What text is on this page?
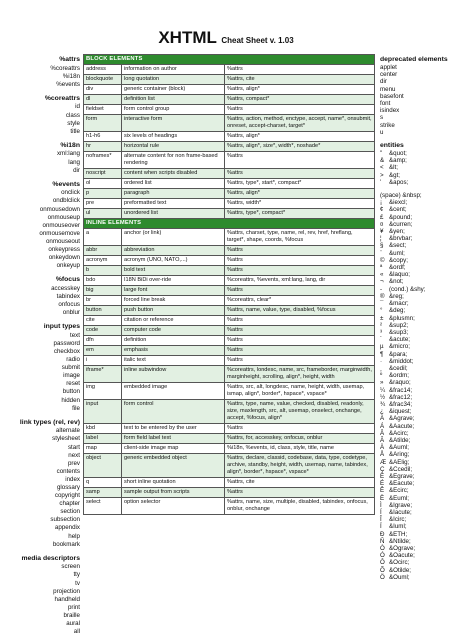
XHTML Cheat Sheet v. 1.03
%attrs
%coreattrs
%i18n
%events
%coreattrs
id
class
style
title
%i18n
xml:lang
lang
dir
%events
onclick
ondblclick
onmousedown
onmouseup
onmouseover
onmousemove
onmouseout
onkeypress
onkeydown
onkeyup
%focus
accesskey
tabindex
onfocus
onblur
input types
text
password
checkbox
radio
submit
image
reset
button
hidden
file
link types (rel, rev)
alternate
stylesheet
start
next
prev
contents
index
glossary
copyright
chapter
section
subsection
appendix
help
bookmark
media descriptors
screen
tty
tv
projection
handheld
print
braille
aural
all
BLOCK ELEMENTS		
address	information on author	%attrs
blockquote	long quotation	%attrs, cite
div	generic container (block)	%attrs, align*
dl	definition list	%attrs, compact*
fieldset	form control group	%attrs
form	interactive form	%attrs, action, method, enctype, accept, name*, onsubmit, onreset, accept-charset, target*
h1-h6	six levels of headings	%attrs, align*
hr	horizontal rule	%attrs, align*, size*, width*, noshade*
noframes*	alternate content for non frame-based rendering	%attrs
noscript	content when scripts disabled	%attrs
ol	ordered list	%attrs, type*, start*, compact*
p	paragraph	%attrs, align*
pre	preformatted text	%attrs, width*
ul	unordered list	%attrs, type*, compact*
INLINE ELEMENTS		
a	anchor (or link)	%attrs, charset, type, name, rel, rev, href, hreflang, target*, shape, coords, %focus
abbr	abbreviation	%attrs
acronym	acronym (UNO, NATO,...)	%attrs
b	bold text	%attrs
bdo	I18N BiDi over-ride	%coreattrs, %events, xml:lang, lang, dir
big	large font	%attrs
br	forced line break	%coreattrs, clear*
button	push button	%attrs, name, value, type, disabled, %focus
cite	citation or reference	%attrs
code	computer code	%attrs
dfn	definition	%attrs
em	emphasis	%attrs
i	italic text	%attrs
iframe*	inline subwindow	%coreattrs, londesc, name, src, frameborder, marginwidth, marginheight, scrolling, align*, height, width
img	embedded image	%attrs, src, alt, longdesc, name, height, width, usemap, ismap, align*, border*, hspace*, vspace*
input	form control	%attrs, type, name, value, checked, disabled, readonly, size, maxlength, src, alt, usemap, onselect, onchange, accept, %focus, align*
kbd	text to be entered by the user	%attrs
label	form field label text	%attrs, for, accesskey, onfocus, onblur
map	client-side image map	%i18n, %events, id, class, style, title, name
object	generic embedded object	%attrs, declare, classid, codebase, data, type, codetype, archive, standby, height, width, usemap, name, tabindex, align*, border*, hspace*, vspace*
q	short inline quotation	%attrs, cite
samp	sample output from scripts	%attrs
select	option selector	%attrs, name, size, multiple, disabled, tabindex, onfocus, onblur, onchange
deprecated elements
applet
center
dir
menu
basefont
font
isindex
s
strike
u
entities
"	&quot;
& &amp;
< &lt;
> &gt;
'	&apos;
(space) &nbsp;
¡	&iexcl;
¢ &cent;
£ &pound;
¤ &curren;
¥ &yen;
¦	&brvbar;
§ &sect;
¨	&uml;
© &copy;
ª	&ordf;
« &laquo;
¬ &not;
-	(cond.) &shy;
® &reg;
¯ &macr;
°	&deg;
± &plusmn;
²	&sup2;
³	&sup3;
´	&acute;
µ &micro;
¶ &para;
·	&middot;
¸	&cedil;
º	&ordm;
» &raquo;
¼ &frac14;
½ &frac12;
¾ &frac34;
¿ &iquest;
À &Agrave;
Á &Aacute;
Â &Acirc;
Ã &Atilde;
Ä &Auml;
Å &Aring;
Æ &AElig;
Ç &Ccedil;
È &Egrave;
É &Eacute;
Ê &Ecirc;
Ë &Euml;
Ì	&Igrave;
Í	&Iacute;
Î	&Icirc;
Ï	&Iuml;
Ð &ETH;
Ñ &Ntilde;
Ò &Ograve;
Ó &Oacute;
Ô &Ocirc;
Õ &Otilde;
Ö &Ouml;
